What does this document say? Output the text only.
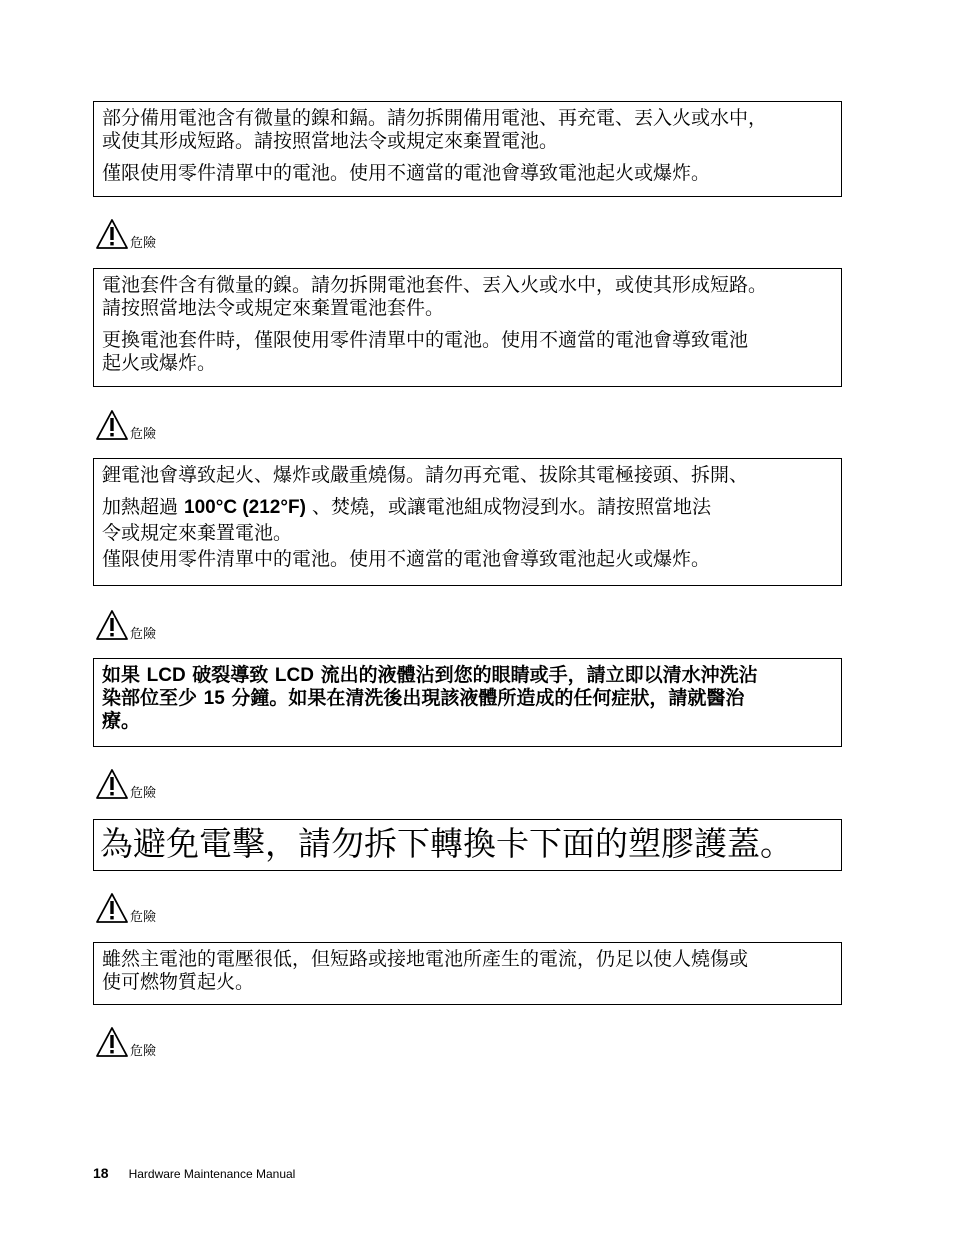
部分備用電池含有微量的鎳和鎘。請勿拆開備用電池、再充電、丟入火或水中，
或使其形成短路。請按照當地法令或規定來棄置電池。

僅限使用零件清單中的電池。使用不適當的電池會導致電池起火或爆炸。

危險

電池套件含有微量的鎳。請勿拆開電池套件、丟入火或水中，或使其形成短路。
請按照當地法令或規定來棄置電池套件。

更換電池套件時，僅限使用零件清單中的電池。使用不適當的電池會導致電池
起火或爆炸。

危險

鋰電池會導致起火、爆炸或嚴重燒傷。請勿再充電、拔除其電極接頭、拆開、

加熱超過 100°C (212°F) 、焚燒，或讓電池組成物浸到水。請按照當地法

令或規定來棄置電池。

僅限使用零件清單中的電池。使用不適當的電池會導致電池起火或爆炸。

危險

如果 LCD 破裂導致 LCD 流出的液體沾到您的眼睛或手，請立即以清水沖洗沾
染部位至少 15 分鐘。如果在清洗後出現該液體所造成的任何症狀，請就醫治
療。

危險

為避免電擊，請勿拆下轉換卡下面的塑膠護蓋。

危險

雖然主電池的電壓很低，但短路或接地電池所產生的電流，仍足以使人燒傷或
使可燃物質起火。

危險
18 Hardware Maintenance Manual
